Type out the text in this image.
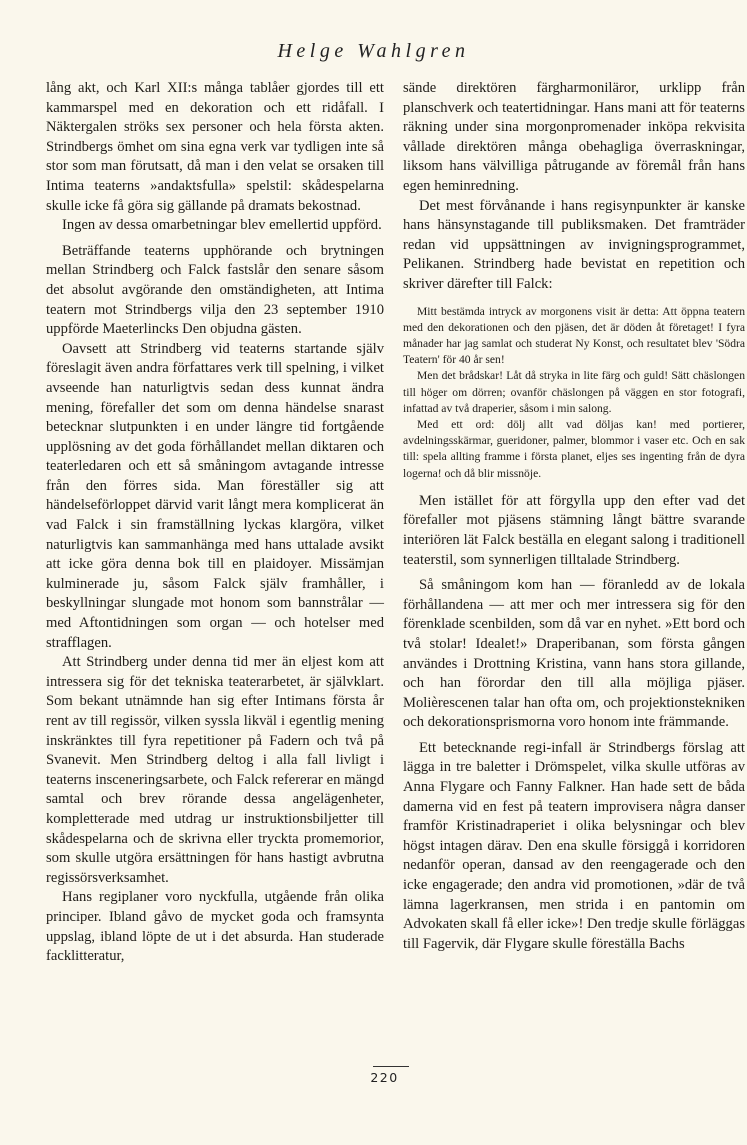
Helge Wahlgren

lång akt, och Karl XII:s många tablåer gjordes till ett kammarspel med en dekoration och ett ridåfall. I Näktergalen ströks sex personer och hela första akten. Strindbergs ömhet om sina egna verk var tydligen inte så stor som man förutsatt, då man i den velat se orsaken till Intima teaterns »andaktsfulla» spelstil: skådespelarna skulle icke få göra sig gällande på dramats bekostnad.

Ingen av dessa omarbetningar blev emellertid uppförd.

Beträffande teaterns upphörande och brytningen mellan Strindberg och Falck fastslår den senare såsom det absolut avgörande den omständigheten, att Intima teatern mot Strindbergs vilja den 23 september 1910 uppförde Maeterlincks Den objudna gästen.

Oavsett att Strindberg vid teaterns startande själv föreslagit även andra författares verk till spelning, i vilket avseende han naturligtvis sedan dess kunnat ändra mening, förefaller det som om denna händelse snarast betecknar slutpunkten i en under längre tid fortgående upplösning av det goda förhållandet mellan diktaren och teaterledaren och ett så småningom avtagande intresse från den förres sida. Man föreställer sig att händelseförloppet därvid varit långt mera komplicerat än vad Falck i sin framställning lyckas klargöra, vilket naturligtvis kan sammanhänga med hans uttalade avsikt att icke göra denna bok till en plaidoyer. Missämjan kulminerade ju, såsom Falck själv framhåller, i beskyllningar slungade mot honom som bannstrålar — med Aftontidningen som organ — och hotelser med strafflagen.

Att Strindberg under denna tid mer än eljest kom att intressera sig för det tekniska teaterarbetet, är självklart. Som bekant utnämnde han sig efter Intimans första år rent av till regissör, vilken syssla likväl i egentlig mening inskränktes till fyra repetitioner på Fadern och två på Svanevit. Men Strindberg deltog i alla fall livligt i teaterns insceneringsarbete, och Falck refererar en mängd samtal och brev rörande dessa angelägenheter, kompletterade med utdrag ur instruktionsbiljetter till skådespelarna och de skrivna eller tryckta promemorior, som skulle utgöra ersättningen för hans hastigt avbrutna regissörsverksamhet.

Hans regiplaner voro nyckfulla, utgående från olika principer. Ibland gåvo de mycket goda och framsynta uppslag, ibland löpte de ut i det absurda. Han studerade facklitteratur,

sände direktören färgharmoniläror, urklipp från planschverk och teatertidningar. Hans mani att för teaterns räkning under sina morgonpromenader inköpa rekvisita vållade direktören många obehagliga överraskningar, liksom hans välvilliga påtrugande av föremål från hans egen heminredning.

Det mest förvånande i hans regisynpunkter är kanske hans hänsynstagande till publiksmaken. Det framträder redan vid uppsättningen av invigningsprogrammet, Pelikanen. Strindberg hade bevistat en repetition och skriver därefter till Falck:

Mitt bestämda intryck av morgonens visit är detta: Att öppna teatern med den dekorationen och den pjäsen, det är döden åt företaget! I fyra månader har jag samlat och studerat Ny Konst, och resultatet blev 'Södra Teatern' för 40 år sen!

Men det brådskar! Låt då stryka in lite färg och guld! Sätt chäslongen till höger om dörren; ovanför chäslongen på väggen en stor fotografi, infattad av två draperier, såsom i min salong.

Med ett ord: dölj allt vad döljas kan! med portierer, avdelningsskärmar, gueridoner, palmer, blommor i vaser etc. Och en sak till: spela allting framme i första planet, eljes ses ingenting från de dyra logerna! och då blir missnöje.

Men istället för att förgylla upp den efter vad det förefaller mot pjäsens stämning långt bättre svarande interiören lät Falck beställa en elegant salong i traditionell teaterstil, som synnerligen tilltalade Strindberg.

Så småningom kom han — föranledd av de lokala förhållandena — att mer och mer intressera sig för den förenklade scenbilden, som då var en nyhet. »Ett bord och två stolar! Idealet!» Draperibanan, som första gången användes i Drottning Kristina, vann hans stora gillande, och han förordar den till alla möjliga pjäser. Molièrescenen talar han ofta om, och projektionstekniken och dekorationsprismorna voro honom inte främmande.

Ett betecknande regi-infall är Strindbergs förslag att lägga in tre baletter i Drömspelet, vilka skulle utföras av Anna Flygare och Fanny Falkner. Han hade sett de båda damerna vid en fest på teatern improvisera några danser framför Kristinadraperiet i olika belysningar och blev högst intagen därav. Den ena skulle försiggå i korridoren nedanför operan, dansad av den reengagerade och den icke engagerade; den andra vid promotionen, »där de två lämna lagerkransen, men strida i en pantomin om Advokaten skall få eller icke»! Den tredje skulle förläggas till Fagervik, där Flygare skulle föreställa Bachs

220
